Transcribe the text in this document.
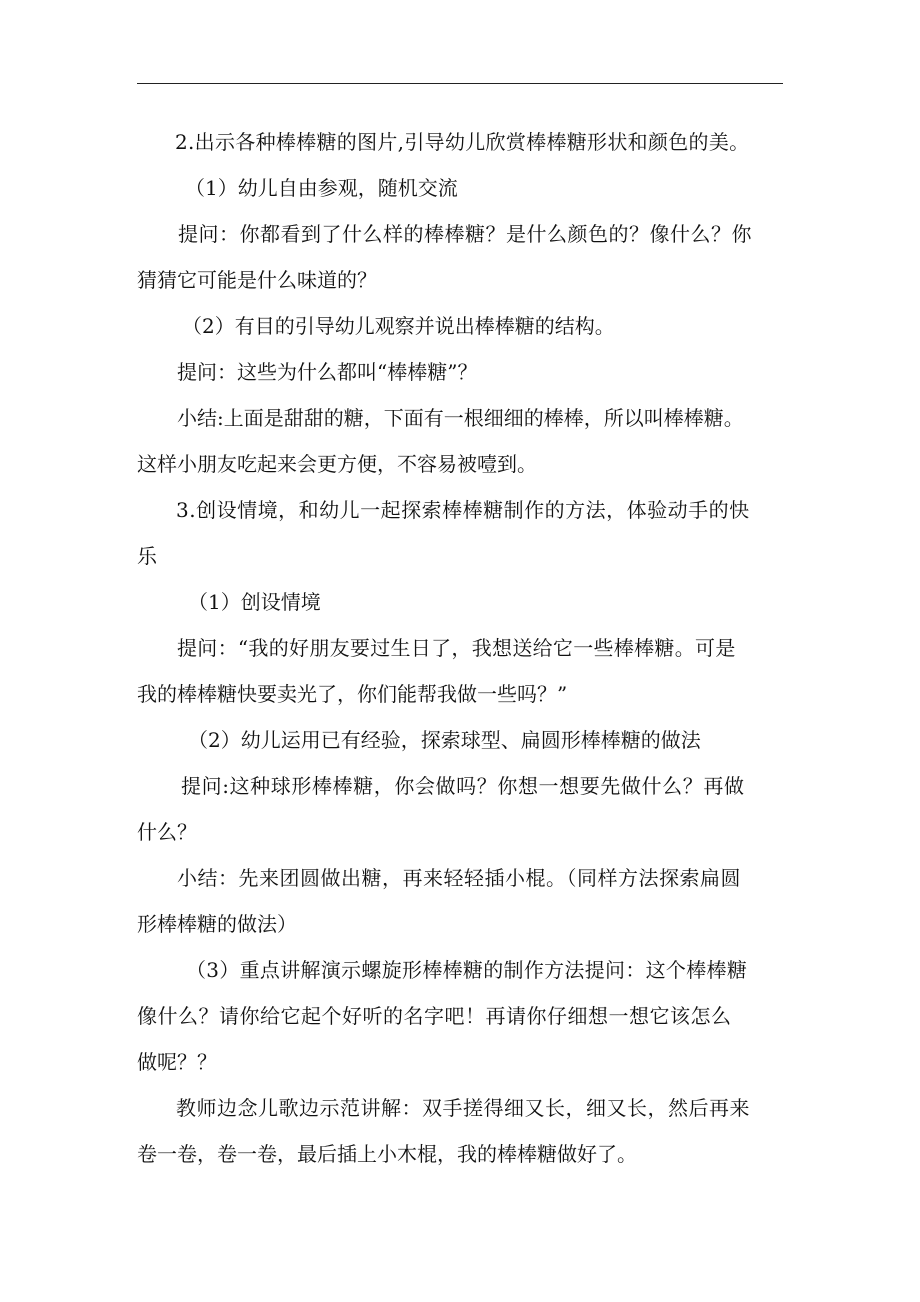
2.出示各种棒棒糖的图片,引导幼儿欣赏棒棒糖形状和颜色的美。
（1）幼儿自由参观，随机交流
提问：你都看到了什么样的棒棒糖？是什么颜色的？像什么？你
猜猜它可能是什么味道的？
（2）有目的引导幼儿观察并说出棒棒糖的结构。
提问：这些为什么都叫“棒棒糖”？
小结:上面是甜甜的糖，下面有一根细细的棒棒，所以叫棒棒糖。
这样小朋友吃起来会更方便，不容易被噎到。
3.创设情境，和幼儿一起探索棒棒糖制作的方法，体验动手的快
乐
（1）创设情境
提问：“我的好朋友要过生日了，我想送给它一些棒棒糖。可是
我的棒棒糖快要卖光了，你们能帮我做一些吗？”
（2）幼儿运用已有经验，探索球型、扁圆形棒棒糖的做法
提问:这种球形棒棒糖，你会做吗？你想一想要先做什么？再做
什么？
小结：先来团圆做出糖，再来轻轻插小棍。（同样方法探索扁圆
形棒棒糖的做法）
（3）重点讲解演示螺旋形棒棒糖的制作方法提问：这个棒棒糖
像什么？请你给它起个好听的名字吧！再请你仔细想一想它该怎么
做呢？？
教师边念儿歌边示范讲解：双手搓得细又长，细又长，然后再来
卷一卷，卷一卷，最后插上小木棍，我的棒棒糖做好了。
